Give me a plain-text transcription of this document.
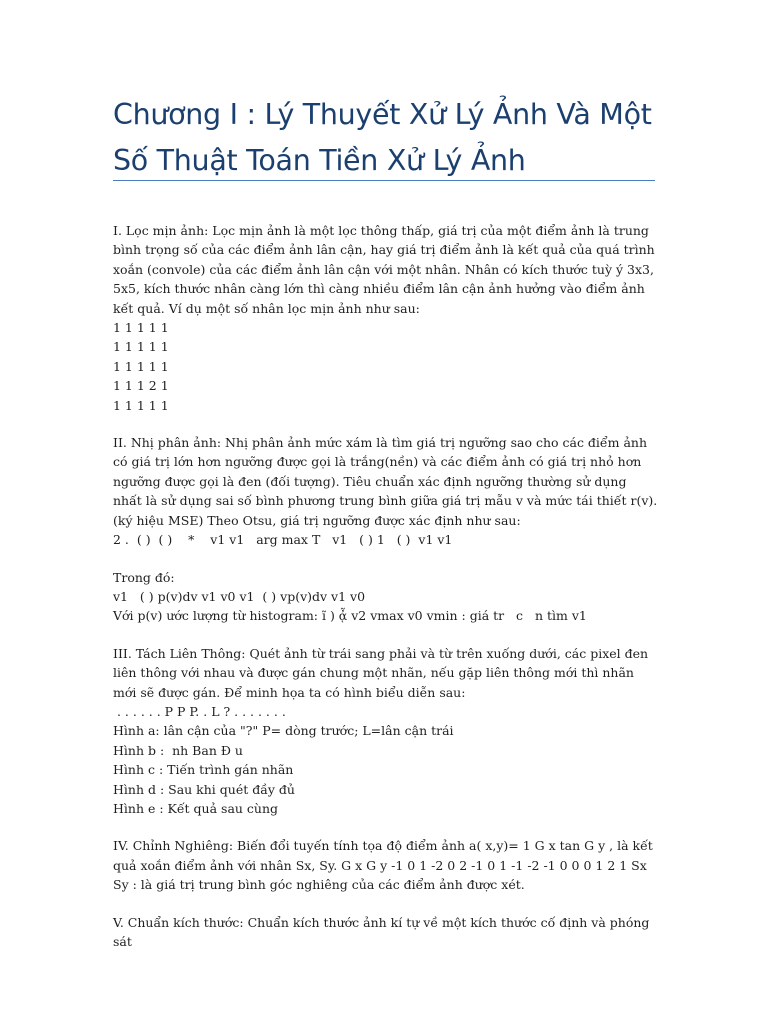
Chương I : Lý Thuyết Xử Lý Ảnh Và Một
Số Thuật Toán Tiền Xử Lý Ảnh

I. Lọc mịn ảnh: Lọc mịn ảnh là một lọc thông thấp, giá trị của một điểm ảnh là trung bình trọng số của các điểm ảnh lân cận, hay giá trị điểm ảnh là kết quả của quá trình xoắn (convole) của các điểm ảnh lân cận với một nhân. Nhân có kích thước tuỳ ý 3x3, 5x5, kích thước nhân càng lớn thì càng nhiều điểm lân cận ảnh hưởng vào điểm ảnh kết quả. Ví dụ một số nhân lọc mịn ảnh như sau:
1 1 1 1 1
1 1 1 1 1
1 1 1 1 1
1 1 1 2 1
1 1 1 1 1

II. Nhị phân ảnh: Nhị phân ảnh mức xám là tìm giá trị ngưỡng sao cho các điểm ảnh có giá trị lớn hơn ngưỡng được gọi là trắng(nền) và các điểm ảnh có giá trị nhỏ hơn ngưỡng được gọi là đen (đối tượng). Tiêu chuẩn xác định ngưỡng thường sử dụng nhất là sử dụng sai số bình phương trung bình giữa giá trị mẫu v và mức tái thiết r(v). (ký hiệu MSE) Theo Otsu, giá trị ngưỡng được xác định như sau:
2 .  ( )  ( )    *    v1 v1   arg max T   v1   ( ) 1   ( )  v1 v1

Trong đó:
v1   ( ) p(v)dv v1 v0 v1  ( ) vp(v)dv v1 v0
Với p(v) ước lượng từ histogram: ĩ ) ᾆ v2 vmax v0 vmin : giá tr   c   n tìm v1

III. Tách Liên Thông: Quét ảnh từ trái sang phải và từ trên xuống dưới, các pixel đen liên thông với nhau và được gán chung một nhãn, nếu gặp liên thông mới thì nhãn mới sẽ được gán. Để minh họa ta có hình biểu diễn sau:
. . . . . . P P P. . L ? . . . . . . .
Hình a: lân cận của "?" P= dòng trước; L=lân cận trái
Hình b :  nh Ban Đ u
Hình c : Tiến trình gán nhãn
Hình d : Sau khi quét đầy đủ
Hình e : Kết quả sau cùng

IV. Chỉnh Nghiêng: Biến đổi tuyến tính tọa độ điểm ảnh a( x,y)= 1 G x tan G y , là kết quả xoắn điểm ảnh với nhân Sx, Sy. G x G y -1 0 1 -2 0 2 -1 0 1 -1 -2 -1 0 0 0 1 2 1 Sx Sy : là giá trị trung bình góc nghiêng của các điểm ảnh được xét.

V. Chuẩn kích thước: Chuẩn kích thước ảnh kí tự về một kích thước cố định và phóng sát
